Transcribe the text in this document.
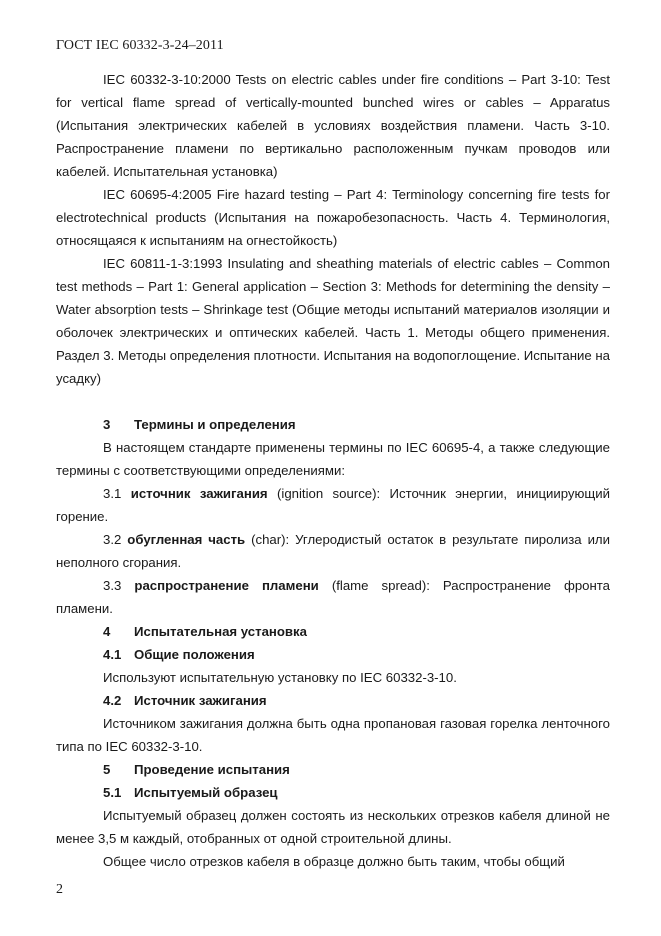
ГОСТ IEC 60332-3-24–2011

IEC 60332-3-10:2000 Tests on electric cables under fire conditions – Part 3-10: Test for vertical flame spread of vertically-mounted bunched wires or cables – Apparatus (Испытания электрических кабелей в условиях воздействия пламени. Часть 3-10. Распространение пламени по вертикально расположенным пучкам проводов или кабелей. Испытательная установка)

IEC 60695-4:2005 Fire hazard testing – Part 4: Terminology concerning fire tests for electrotechnical products (Испытания на пожаробезопасность. Часть 4. Терминология, относящаяся к испытаниям на огнестойкость)

IEC 60811-1-3:1993 Insulating and sheathing materials of electric cables – Common test methods – Part 1: General application – Section 3: Methods for determining the density – Water absorption tests – Shrinkage test (Общие методы испытаний материалов изоляции и оболочек электрических и оптических кабелей. Часть 1. Методы общего применения. Раздел 3. Методы определения плотности. Испытания на водопоглощение. Испытание на усадку)

3 Термины и определения

В настоящем стандарте применены термины по IEC 60695-4, а также следующие термины с соответствующими определениями:

3.1 источник зажигания (ignition source): Источник энергии, инициирующий горение.

3.2 обугленная часть (char): Углеродистый остаток в результате пиролиза или неполного сгорания.

3.3 распространение пламени (flame spread): Распространение фронта пламени.

4 Испытательная установка

4.1 Общие положения

Используют испытательную установку по IEC 60332-3-10.

4.2 Источник зажигания

Источником зажигания должна быть одна пропановая газовая горелка ленточного типа по IEC 60332-3-10.

5 Проведение испытания

5.1 Испытуемый образец

Испытуемый образец должен состоять из нескольких отрезков кабеля длиной не менее 3,5 м каждый, отобранных от одной строительной длины.

Общее число отрезков кабеля в образце должно быть таким, чтобы общий

2
